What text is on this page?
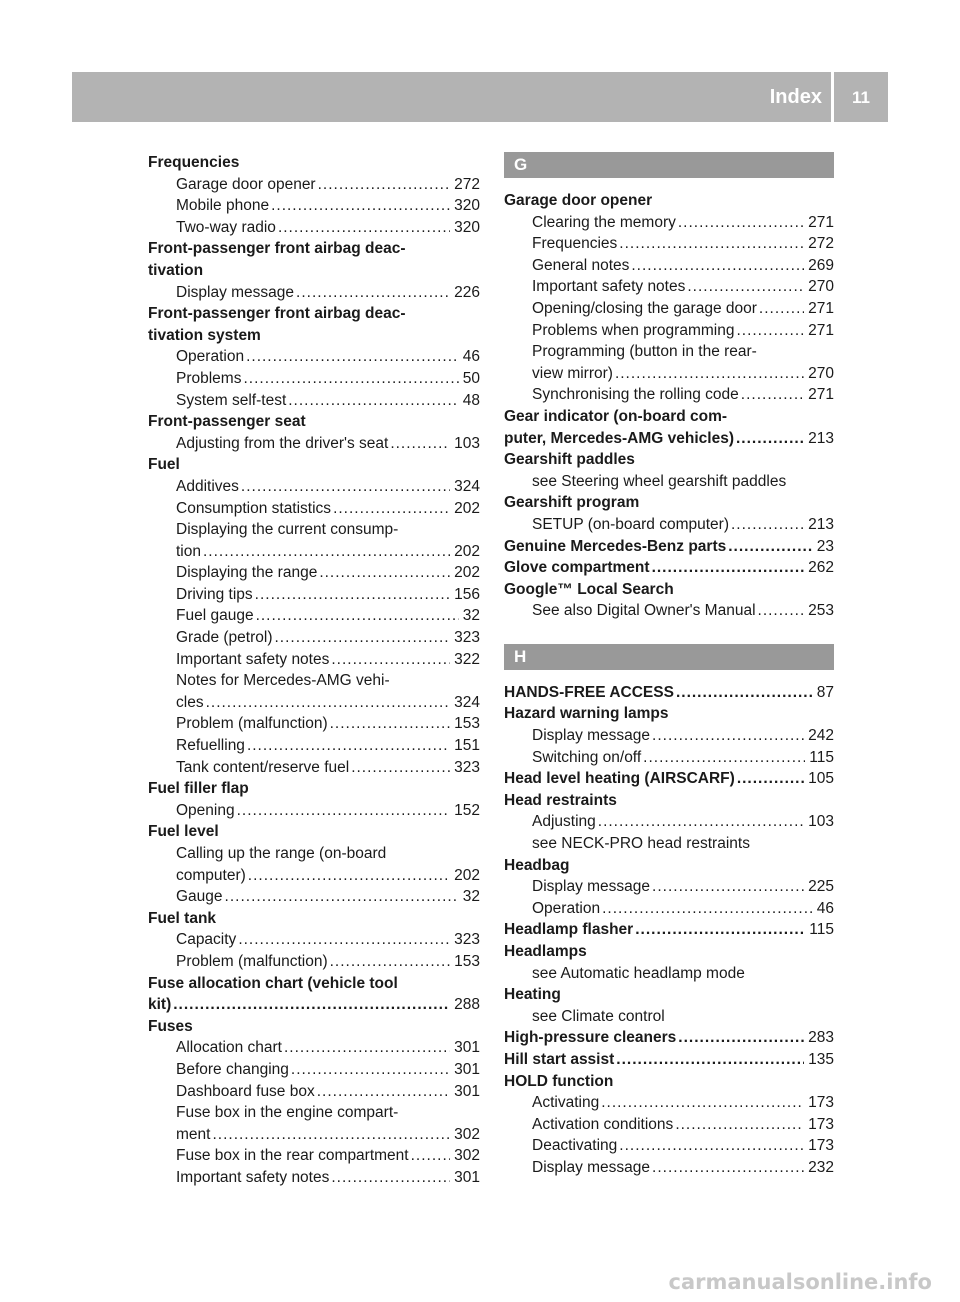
Index 11
Frequencies
Garage door opener .....	272
Mobile phone .....	320
Two-way radio .....	320
Front-passenger front airbag deac-
tivation
Display message .....	226
Front-passenger front airbag deac-
tivation system
Operation .....	46
Problems .....	50
System self-test .....	48
Front-passenger seat
Adjusting from the driver's seat .....	103
Fuel
Additives .....	324
Consumption statistics .....	202
Displaying the current consump-
tion .....	202
Displaying the range .....	202
Driving tips .....	156
Fuel gauge .....	32
Grade (petrol) .....	323
Important safety notes .....	322
Notes for Mercedes-AMG vehi-
cles .....	324
Problem (malfunction) .....	153
Refuelling .....	151
Tank content/reserve fuel .....	323
Fuel filler flap
Opening .....	152
Fuel level
Calling up the range (on-board
computer) .....	202
Gauge .....	32
Fuel tank
Capacity .....	323
Problem (malfunction) .....	153
Fuse allocation chart (vehicle tool
kit) .....	288
Fuses
Allocation chart .....	301
Before changing .....	301
Dashboard fuse box .....	301
Fuse box in the engine compart-
ment .....	302
Fuse box in the rear compartment .....	302
Important safety notes .....	301
G
Garage door opener
Clearing the memory .....	271
Frequencies .....	272
General notes .....	269
Important safety notes .....	270
Opening/closing the garage door .....	271
Problems when programming .....	271
Programming (button in the rear-
view mirror) .....	270
Synchronising the rolling code .....	271
Gear indicator (on-board com-
puter, Mercedes-AMG vehicles) .....	213
Gearshift paddles
see Steering wheel gearshift paddles
Gearshift program
SETUP (on-board computer) .....	213
Genuine Mercedes-Benz parts .....	23
Glove compartment .....	262
Google™ Local Search
See also Digital Owner's Manual .....	253
H
HANDS-FREE ACCESS .....	87
Hazard warning lamps
Display message .....	242
Switching on/off .....	115
Head level heating (AIRSCARF) .....	105
Head restraints
Adjusting .....	103
see NECK-PRO head restraints
Headbag
Display message .....	225
Operation .....	46
Headlamp flasher .....	115
Headlamps
see Automatic headlamp mode
Heating
see Climate control
High-pressure cleaners .....	283
Hill start assist .....	135
HOLD function
Activating .....	173
Activation conditions .....	173
Deactivating .....	173
Display message .....	232
carmanualsonline.info
